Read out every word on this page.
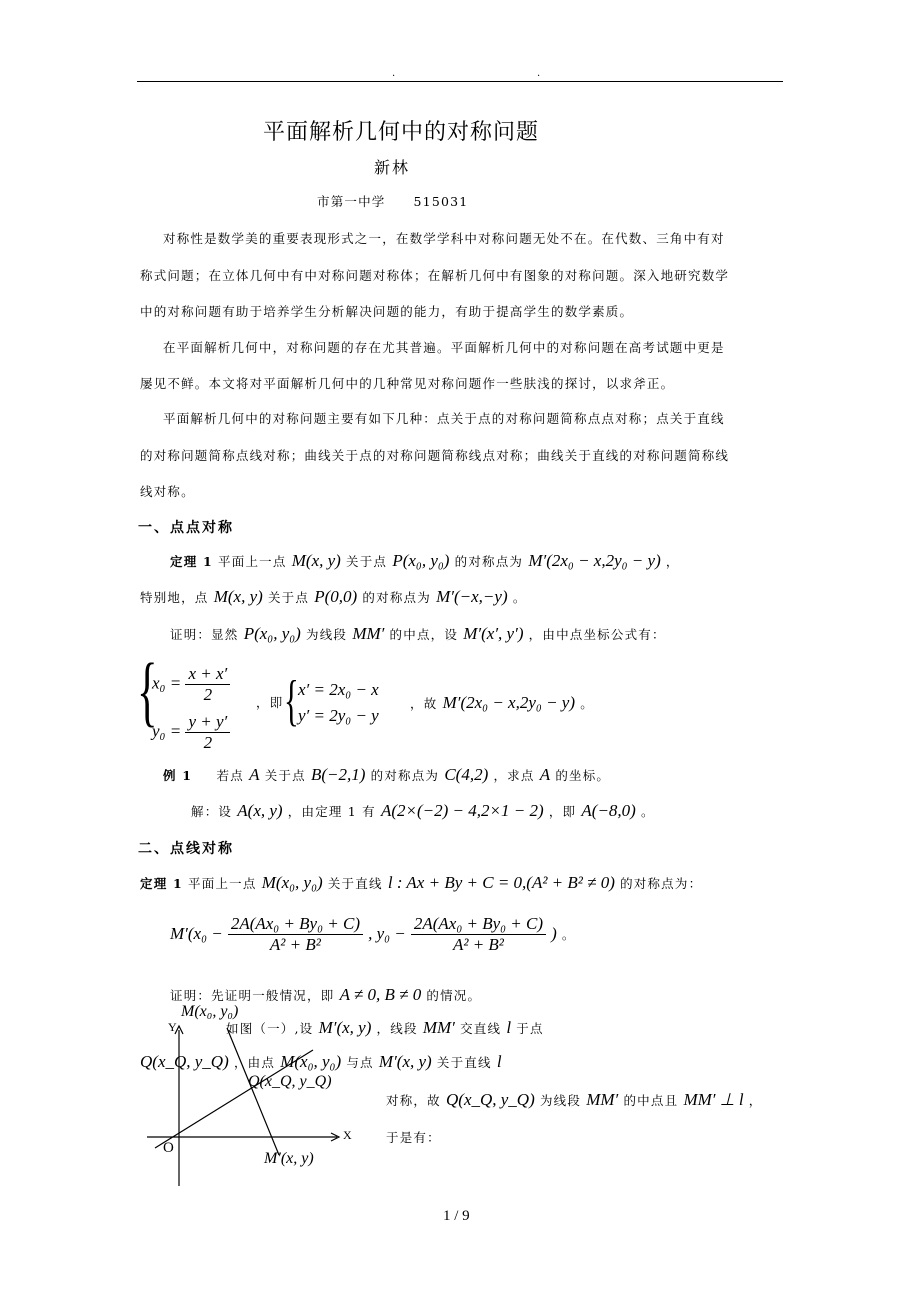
.	.
平面解析几何中的对称问题
新林
市第一中学 515031
对称性是数学美的重要表现形式之一，在数学学科中对称问题无处不在。在代数、三角中有对
称式问题；在立体几何中有中对称问题对称体；在解析几何中有图象的对称问题。深入地研究数学
中的对称问题有助于培养学生分析解决问题的能力，有助于提高学生的数学素质。
在平面解析几何中，对称问题的存在尤其普遍。平面解析几何中的对称问题在高考试题中更是
屡见不鲜。本文将对平面解析几何中的几种常见对称问题作一些肤浅的探讨，以求斧正。
平面解析几何中的对称问题主要有如下几种：点关于点的对称问题简称点点对称；点关于直线
的对称问题简称点线对称；曲线关于点的对称问题简称线点对称；曲线关于直线的对称问题简称线
线对称。
一、点点对称
定理 1 平面上一点 M(x, y) 关于点 P(x₀, y₀) 的对称点为 M′(2x₀ − x,2y₀ − y) ，
特别地，点 M(x, y) 关于点 P(0,0) 的对称点为 M′(−x,−y) 。
证明：显然 P(x₀, y₀) 为线段 MM′ 的中点，设 M′(x′, y′) ，由中点坐标公式有：
{
$x_0 = \frac{x + x'}{2}$
$y_0 = \frac{y + y'}{2}$
，即 { x′ = 2x₀ − x
y′ = 2y₀ − y
，故 M′(2x₀ − x,2y₀ − y) 。
例 1 若点 A 关于点 B(−2,1) 的对称点为 C(4,2) ，求点 A 的坐标。
解：设 A(x, y) ，由定理 1 有 A(2×(−2) − 4,2×1 − 2) ，即 A(−8,0) 。
二、点线对称
定理 1 平面上一点 M(x₀, y₀) 关于直线 l : Ax + By + C = 0,(A² + B² ≠ 0) 的对称点为：
$M'(x_0 - \frac{\text{2A(Ax₀ + By₀ + C)}}{\text{A² + B²}}$ , $y_0 - \frac{\text{2A(Ax₀ + By₀ + C)}}{\text{A² + B²}}$ ) 。
证明：先证明一般情况，即 A ≠ 0, B ≠ 0 的情况。
M(x₀, y₀)
Y
X
O
Q(x_Q, y_Q)
M′(x, y)
如图（一）,设 M′(x, y) ，线段 MM′ 交直线 l 于点
Q(x_Q, y_Q) ，由点 M(x₀, y₀) 与点 M′(x, y) 关于直线 l
对称，故 Q(x_Q, y_Q) 为线段 MM′ 的中点且 MM′ ⊥ l ，
于是有：
1 / 9
